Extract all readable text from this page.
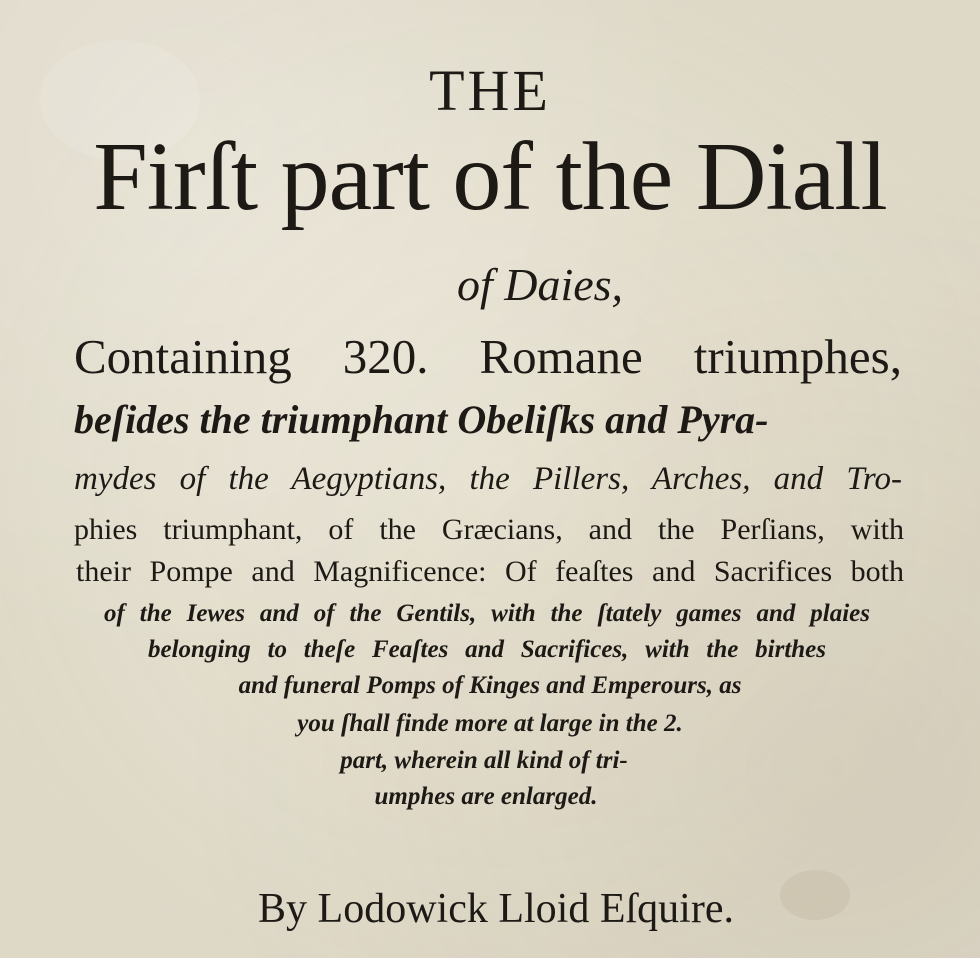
THE
Firſt part of the Diall
of Daies,
Containing 320. Romane triumphes,
beſides the triumphant Obeliſks and Pyra-
mydes of the Aegyptians, the Pillers, Arches, and Tro-
phies triumphant, of the Græcians, and the Perſians, with
their Pompe and Magnificence: Of feaſtes and Sacrifices both
of the Iewes and of the Gentils, with the ſtately games and plaies
belonging to theſe Feaſtes and Sacrifices, with the birthes
and funeral Pomps of Kinges and Emperours, as
you ſhall finde more at large in the 2.
part, wherein all kind of tri-
umphes are enlarged.
By Lodowick Lloid Eſquire.
